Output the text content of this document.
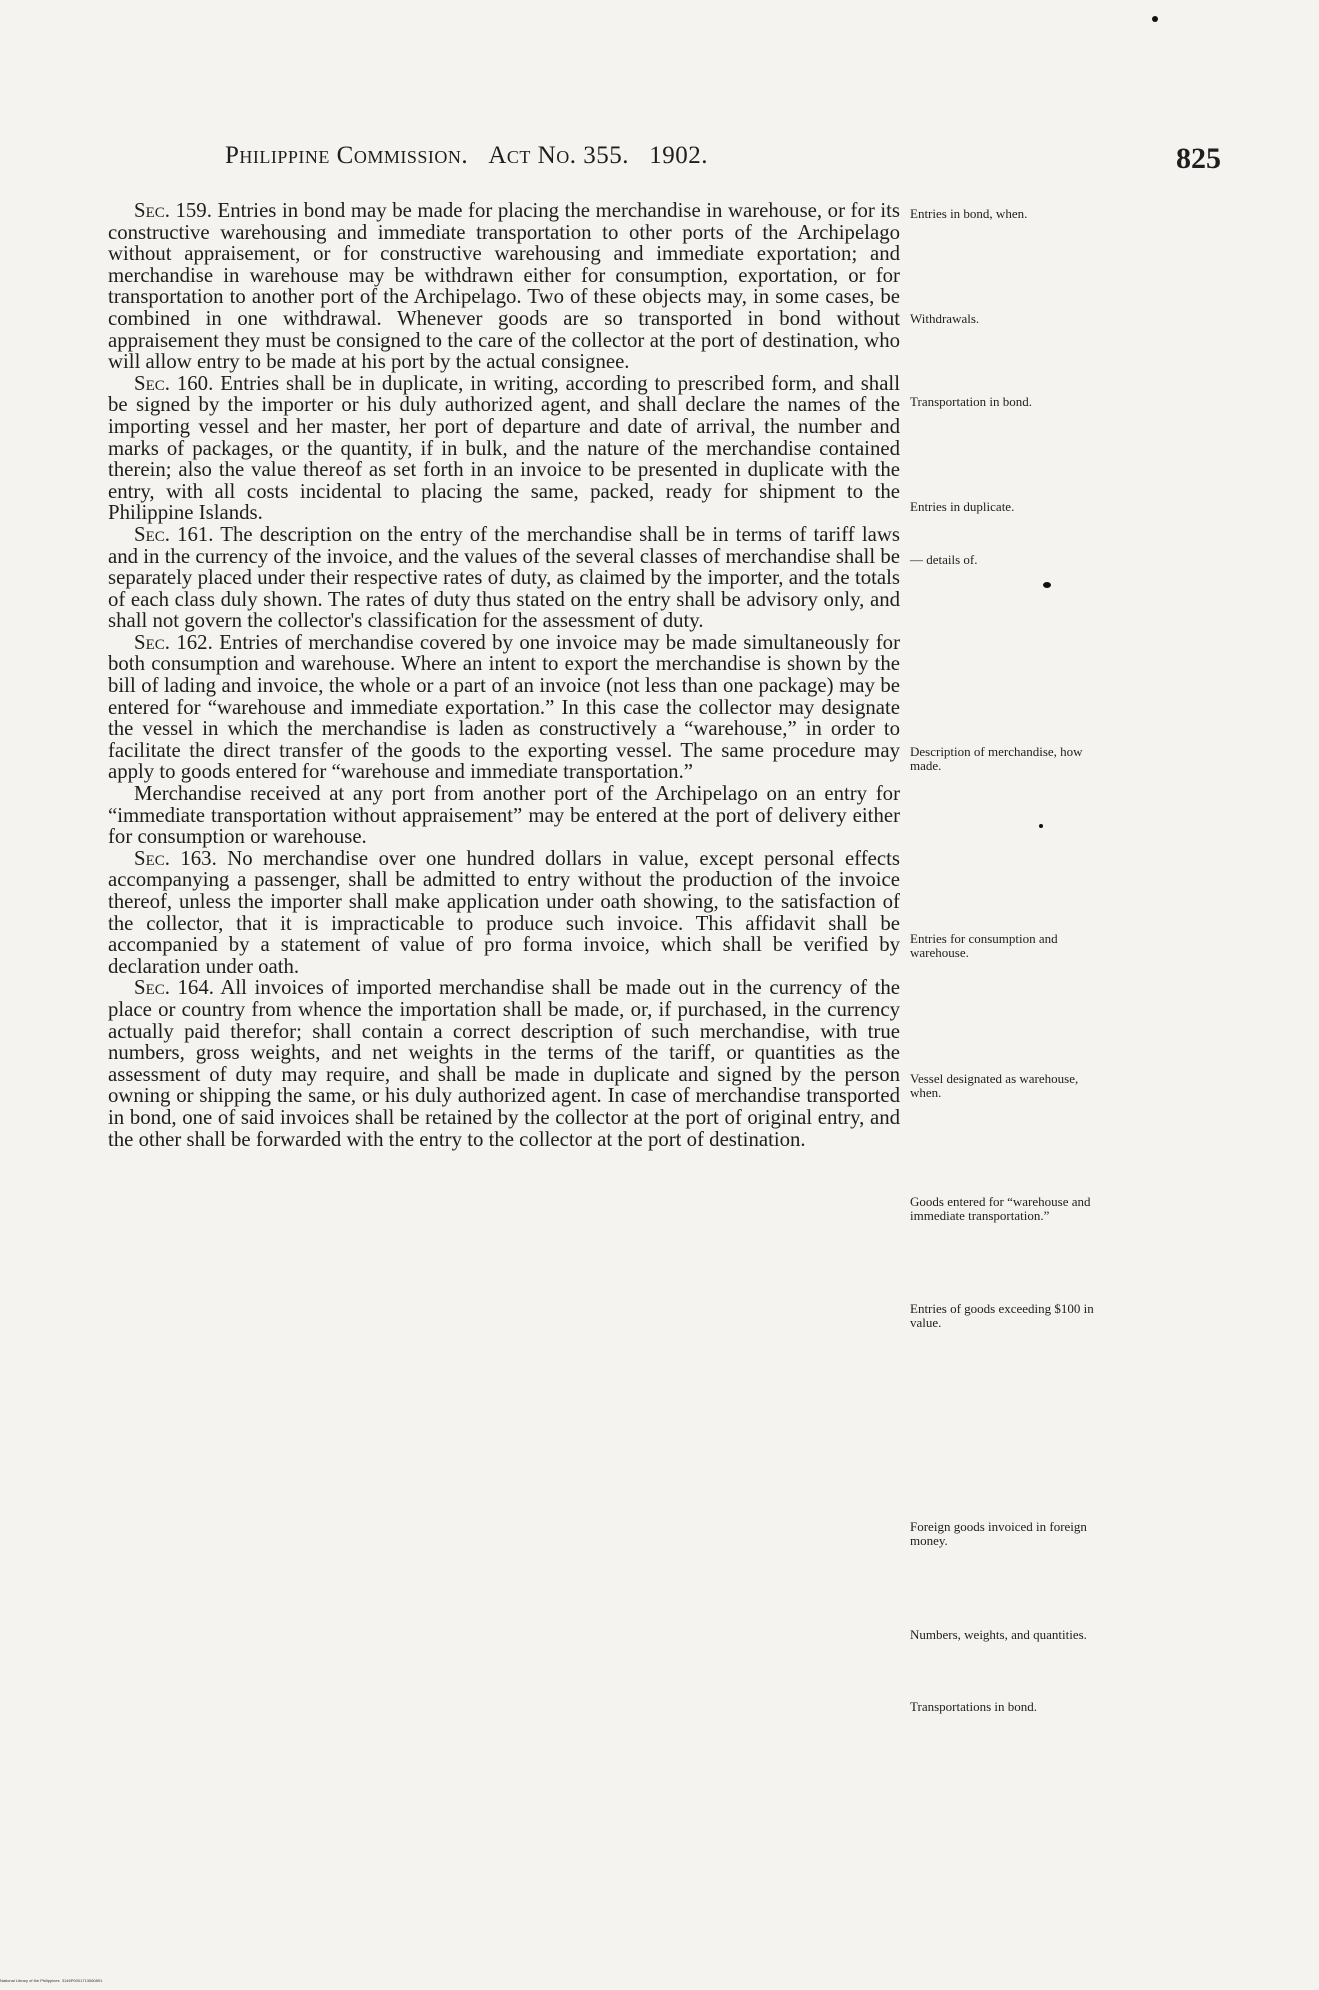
Philippine Commission. Act No. 355. 1902.	825

Sec. 159. Entries in bond may be made for placing the merchandise in warehouse, or for its constructive warehousing and immediate transportation to other ports of the Archipelago without appraisement, or for constructive warehousing and immediate exportation; and merchandise in warehouse may be withdrawn either for consumption, exportation, or for transportation to another port of the Archipelago. Two of these objects may, in some cases, be combined in one withdrawal. Whenever goods are so transported in bond without appraisement they must be consigned to the care of the collector at the port of destination, who will allow entry to be made at his port by the actual consignee.

Sec. 160. Entries shall be in duplicate, in writing, according to prescribed form, and shall be signed by the importer or his duly authorized agent, and shall declare the names of the importing vessel and her master, her port of departure and date of arrival, the number and marks of packages, or the quantity, if in bulk, and the nature of the merchandise contained therein; also the value thereof as set forth in an invoice to be presented in duplicate with the entry, with all costs incidental to placing the same, packed, ready for shipment to the Philippine Islands.

Sec. 161. The description on the entry of the merchandise shall be in terms of tariff laws and in the currency of the invoice, and the values of the several classes of merchandise shall be separately placed under their respective rates of duty, as claimed by the importer, and the totals of each class duly shown. The rates of duty thus stated on the entry shall be advisory only, and shall not govern the collector's classification for the assessment of duty.

Sec. 162. Entries of merchandise covered by one invoice may be made simultaneously for both consumption and warehouse. Where an intent to export the merchandise is shown by the bill of lading and invoice, the whole or a part of an invoice (not less than one package) may be entered for “warehouse and immediate exportation.” In this case the collector may designate the vessel in which the merchandise is laden as constructively a “warehouse,” in order to facilitate the direct transfer of the goods to the exporting vessel. The same procedure may apply to goods entered for “warehouse and immediate transportation.”

Merchandise received at any port from another port of the Archipelago on an entry for “immediate transportation without appraisement” may be entered at the port of delivery either for consumption or warehouse.

Sec. 163. No merchandise over one hundred dollars in value, except personal effects accompanying a passenger, shall be admitted to entry without the production of the invoice thereof, unless the importer shall make application under oath showing, to the satisfaction of the collector, that it is impracticable to produce such invoice. This affidavit shall be accompanied by a statement of value of pro forma invoice, which shall be verified by declaration under oath.

Sec. 164. All invoices of imported merchandise shall be made out in the currency of the place or country from whence the importation shall be made, or, if purchased, in the currency actually paid therefor; shall contain a correct description of such merchandise, with true numbers, gross weights, and net weights in the terms of the tariff, or quantities as the assessment of duty may require, and shall be made in duplicate and signed by the person owning or shipping the same, or his duly authorized agent. In case of merchandise transported in bond, one of said invoices shall be retained by the collector at the port of original entry, and the other shall be forwarded with the entry to the collector at the port of destination.

Entries in bond, when.
Withdrawals.
Transportation in bond.
Entries in duplicate.
— details of.
Description of merchandise, how made.
Entries for consumption and warehouse.
Vessel designated as warehouse, when.
Goods entered for “warehouse and immediate transportation.”
Entries of goods exceeding $100 in value.
Foreign goods invoiced in foreign money.
Numbers, weights, and quantities.
Transportations in bond.
National Library of the Philippines 3146P0001713060891
